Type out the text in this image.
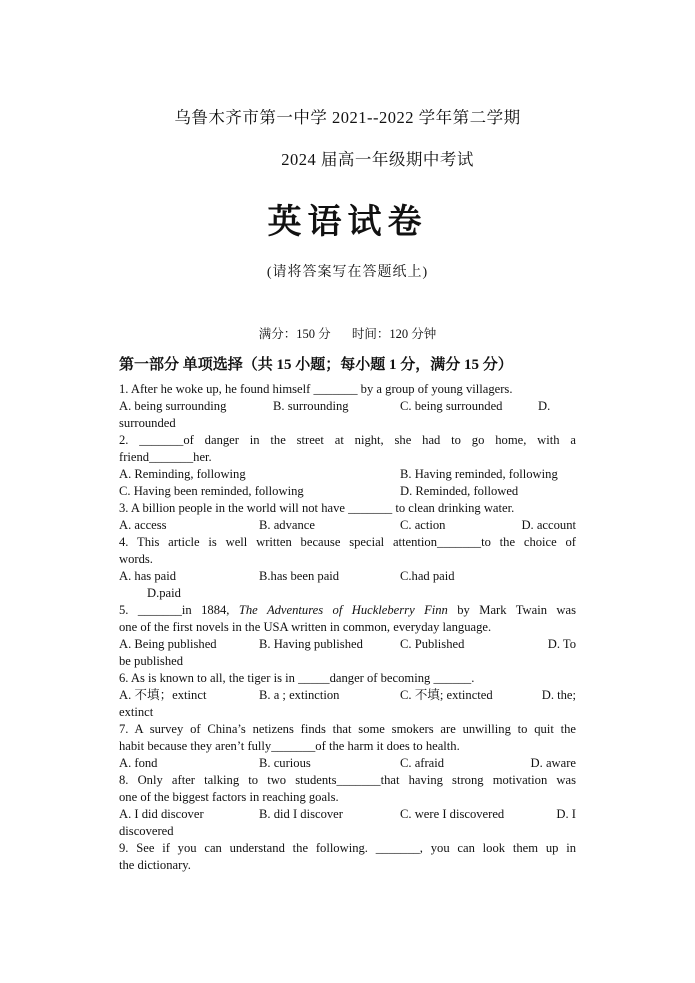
乌鲁木齐市第一中学 2021--2022 学年第二学期
2024 届高一年级期中考试
英语试卷
(请将答案写在答题纸上)
满分：150 分 时间：120 分钟
第一部分 单项选择（共 15 小题；每小题 1 分，满分 15 分）

1. After he woke up, he found himself _______ by a group of young villagers.

A. being surrounding	B. surrounding	C. being surrounded	D.

surrounded

2. _______of danger in the street at night, she had to go home, with a

friend_______her.

A. Reminding, following	B. Having reminded, following
C. Having been reminded, following	D. Reminded, followed

3. A billion people in the world will not have _______ to clean drinking water.

A. access	B. advance	C. action	D. account

4. This article is well written because special attention_______to the choice of

words.

A. has paid	B.has been paid	C.had paid

D.paid

5. _______in 1884, The Adventures of Huckleberry Finn by Mark Twain was

one of the first novels in the USA written in common, everyday language.

A. Being published	B. Having published	C. Published	D. To

be published

6. As is known to all, the tiger is in _____danger of becoming ______.

A. 不填；extinct	B. a ; extinction	C. 不填; extincted	D. the;

extinct

7. A survey of China’s netizens finds that some smokers are unwilling to quit the

habit because they aren’t fully_______of the harm it does to health.

A. fond	B. curious	C. afraid	D. aware

8. Only after talking to two students_______that having strong motivation was

one of the biggest factors in reaching goals.

A. I did discover	B. did I discover	C. were I discovered	D. I

discovered

9. See if you can understand the following. _______, you can look them up in

the dictionary.
